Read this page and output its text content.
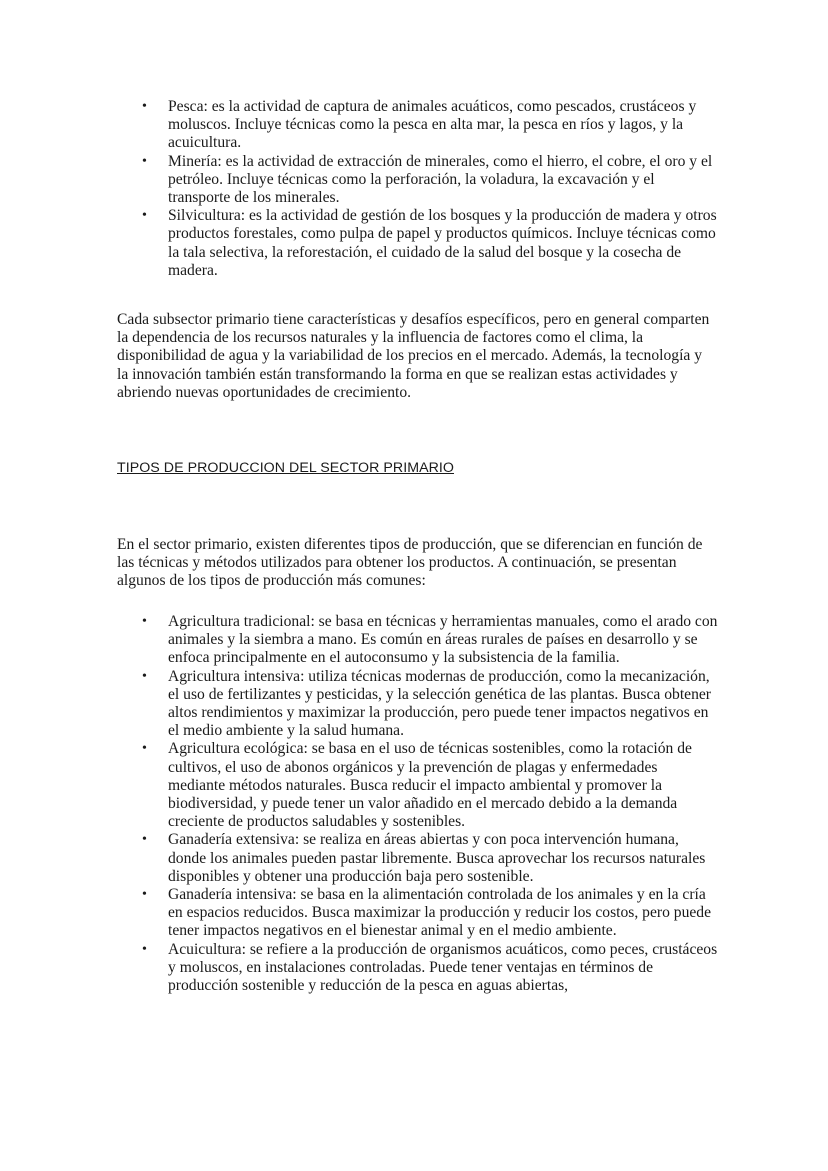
• Pesca: es la actividad de captura de animales acuáticos, como pescados, crustáceos y moluscos. Incluye técnicas como la pesca en alta mar, la pesca en ríos y lagos, y la acuicultura.
• Minería: es la actividad de extracción de minerales, como el hierro, el cobre, el oro y el petróleo. Incluye técnicas como la perforación, la voladura, la excavación y el transporte de los minerales.
• Silvicultura: es la actividad de gestión de los bosques y la producción de madera y otros productos forestales, como pulpa de papel y productos químicos. Incluye técnicas como la tala selectiva, la reforestación, el cuidado de la salud del bosque y la cosecha de madera.

Cada subsector primario tiene características y desafíos específicos, pero en general comparten la dependencia de los recursos naturales y la influencia de factores como el clima, la disponibilidad de agua y la variabilidad de los precios en el mercado. Además, la tecnología y la innovación también están transformando la forma en que se realizan estas actividades y abriendo nuevas oportunidades de crecimiento.

TIPOS DE PRODUCCION DEL SECTOR PRIMARIO

En el sector primario, existen diferentes tipos de producción, que se diferencian en función de las técnicas y métodos utilizados para obtener los productos. A continuación, se presentan algunos de los tipos de producción más comunes:

• Agricultura tradicional: se basa en técnicas y herramientas manuales, como el arado con animales y la siembra a mano. Es común en áreas rurales de países en desarrollo y se enfoca principalmente en el autoconsumo y la subsistencia de la familia.
• Agricultura intensiva: utiliza técnicas modernas de producción, como la mecanización, el uso de fertilizantes y pesticidas, y la selección genética de las plantas. Busca obtener altos rendimientos y maximizar la producción, pero puede tener impactos negativos en el medio ambiente y la salud humana.
• Agricultura ecológica: se basa en el uso de técnicas sostenibles, como la rotación de cultivos, el uso de abonos orgánicos y la prevención de plagas y enfermedades mediante métodos naturales. Busca reducir el impacto ambiental y promover la biodiversidad, y puede tener un valor añadido en el mercado debido a la demanda creciente de productos saludables y sostenibles.
• Ganadería extensiva: se realiza en áreas abiertas y con poca intervención humana, donde los animales pueden pastar libremente. Busca aprovechar los recursos naturales disponibles y obtener una producción baja pero sostenible.
• Ganadería intensiva: se basa en la alimentación controlada de los animales y en la cría en espacios reducidos. Busca maximizar la producción y reducir los costos, pero puede tener impactos negativos en el bienestar animal y en el medio ambiente.
• Acuicultura: se refiere a la producción de organismos acuáticos, como peces, crustáceos y moluscos, en instalaciones controladas. Puede tener ventajas en términos de producción sostenible y reducción de la pesca en aguas abiertas,
